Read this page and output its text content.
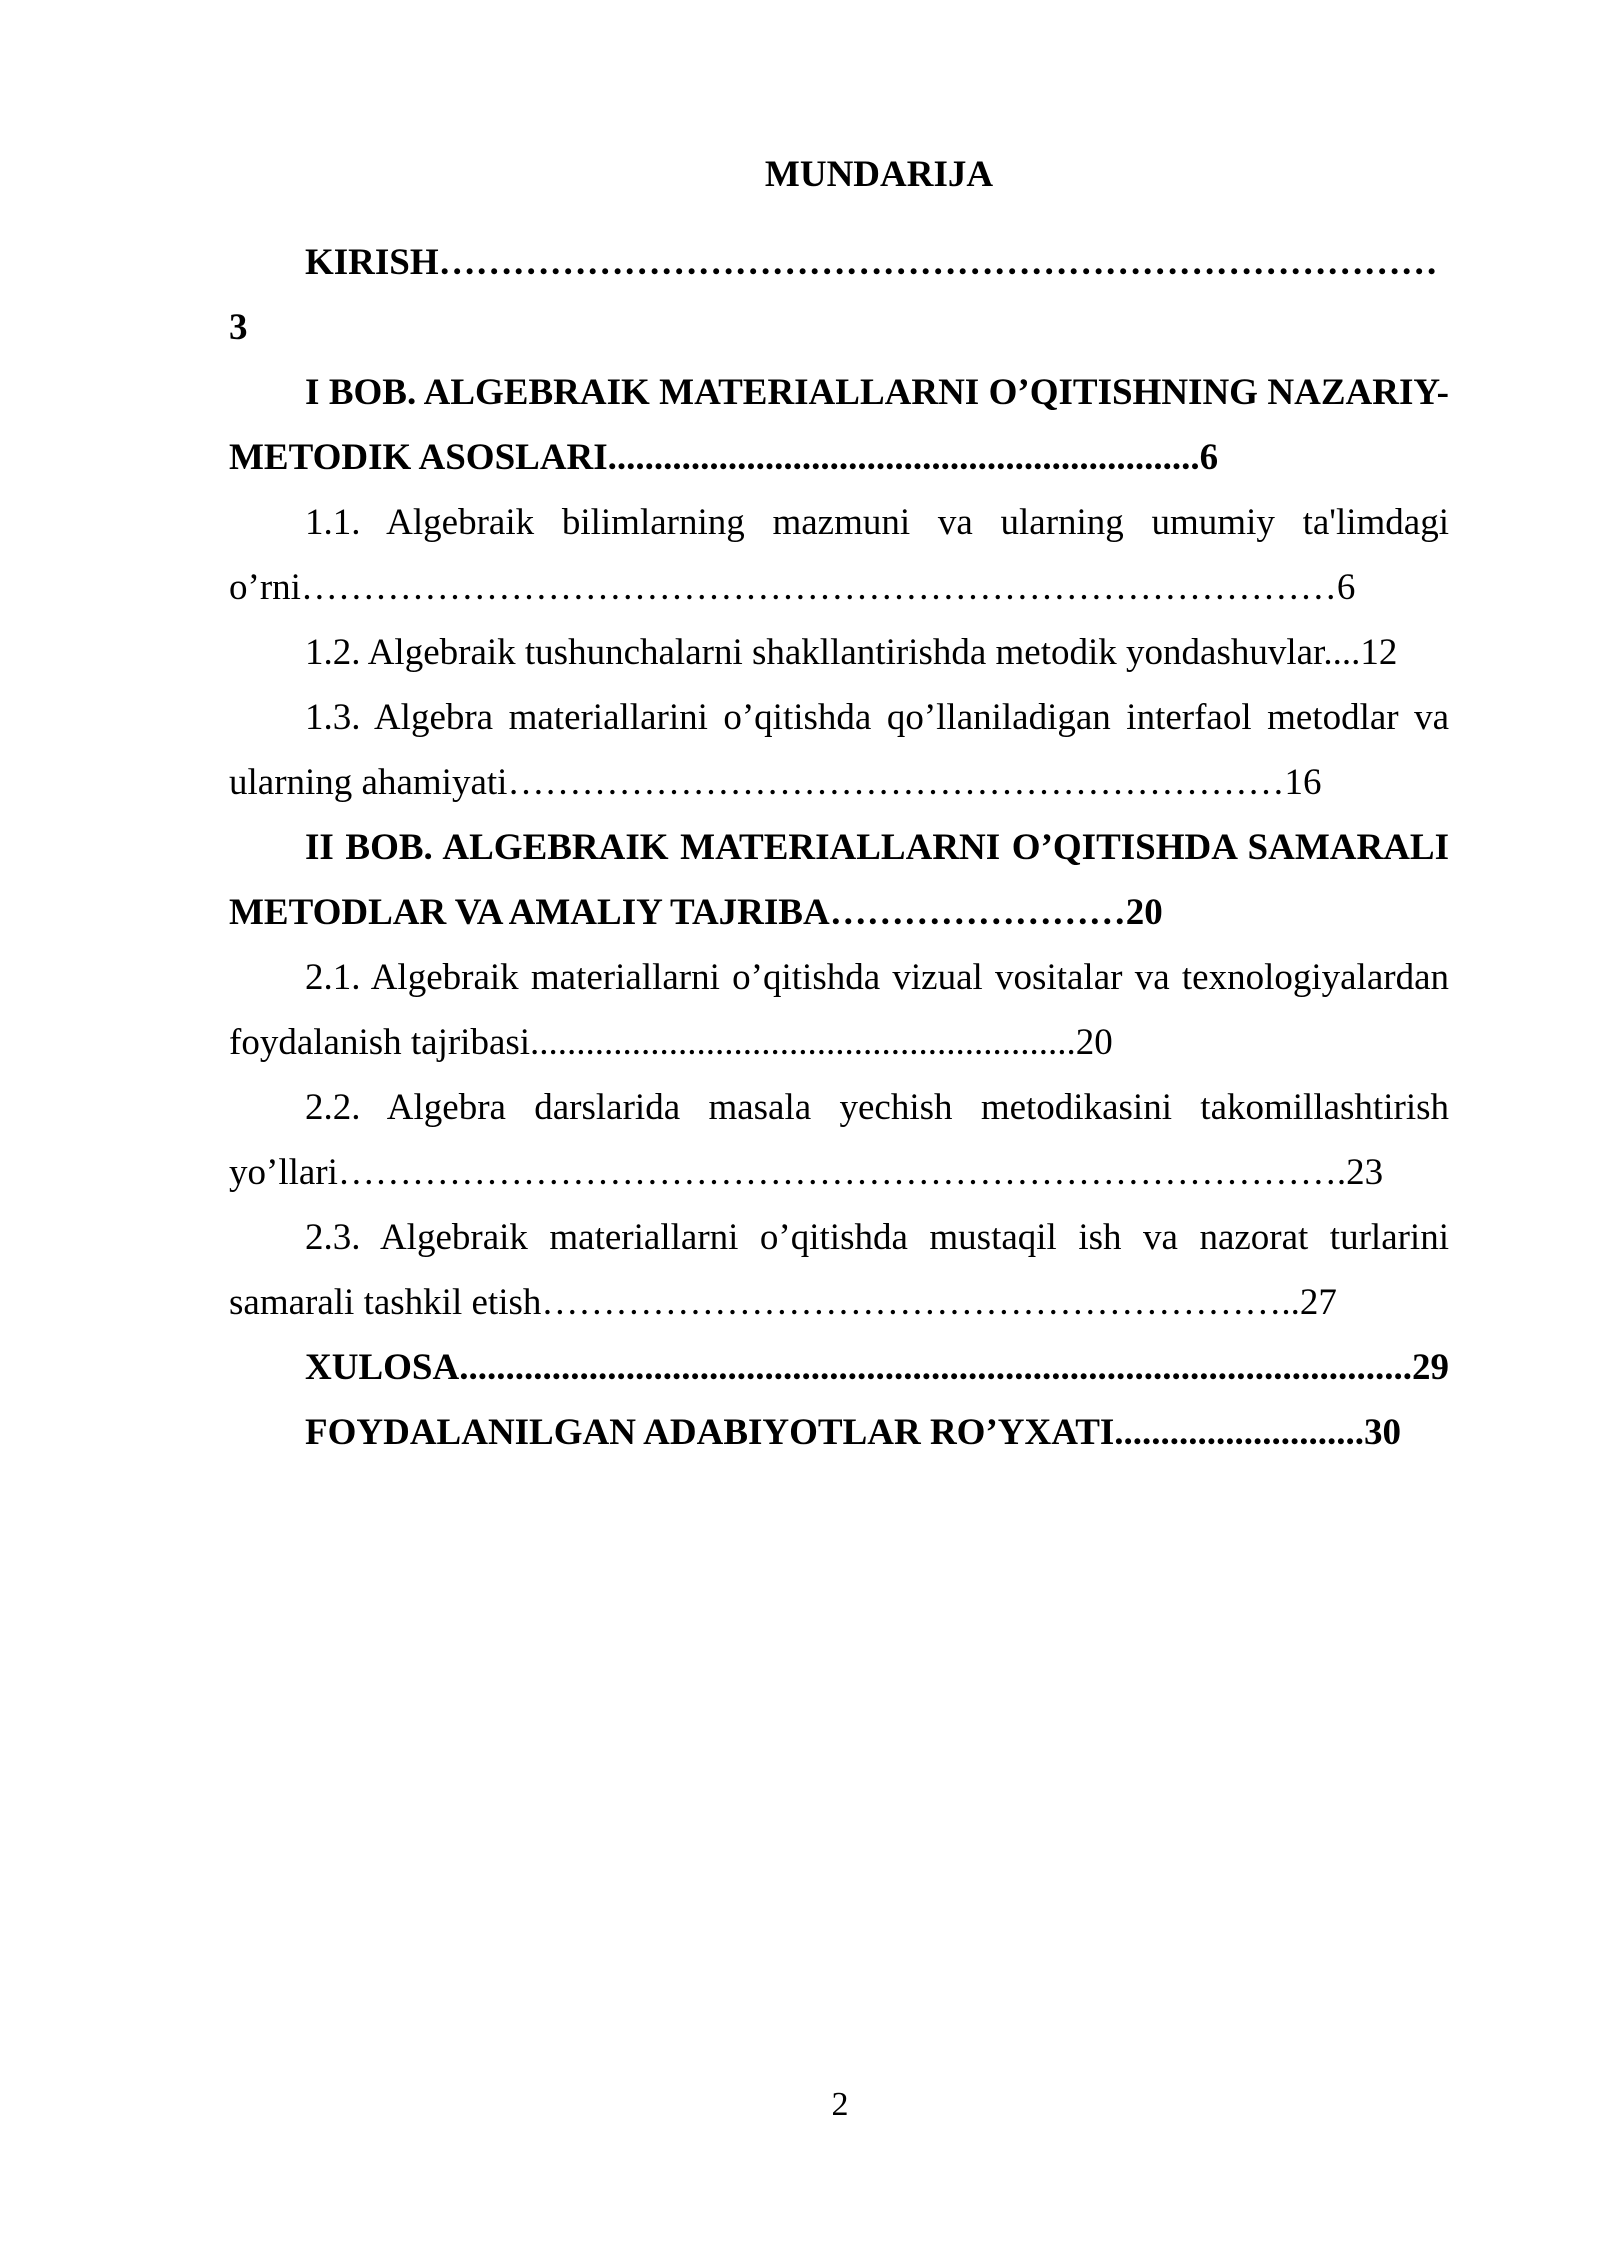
MUNDARIJA

KIRISH………………………………………………………………………3

I BOB. ALGEBRAIK MATERIALLARNI O’QITISHNING NAZARIY-METODIK ASOSLARI................................................................6

1.1. Algebraik bilimlarning mazmuni va ularning umumiy ta'limdagi o’rni…………………………………………………………………………6

1.2. Algebraik tushunchalarni shakllantirishda metodik yondashuvlar....12

1.3. Algebra materiallarini o’qitishda qo’llaniladigan interfaol metodlar va ularning ahamiyati………………………………………………………16

II BOB. ALGEBRAIK MATERIALLARNI O’QITISHDA SAMARALI METODLAR VA AMALIY TAJRIBA……………………20

2.1. Algebraik materiallarni o’qitishda vizual vositalar va texnologiyalardan foydalanish tajribasi...........................................................20

2.2. Algebra darslarida masala yechish metodikasini takomillashtirish yo’llari……………………………………………………………………….23

2.3. Algebraik materiallarni o’qitishda mustaqil ish va nazorat turlarini samarali tashkil etish……………………………………………………..27

XULOSA.......................................................................................................29

FOYDALANILGAN ADABIYOTLAR RO’YXATI...........................30

2
